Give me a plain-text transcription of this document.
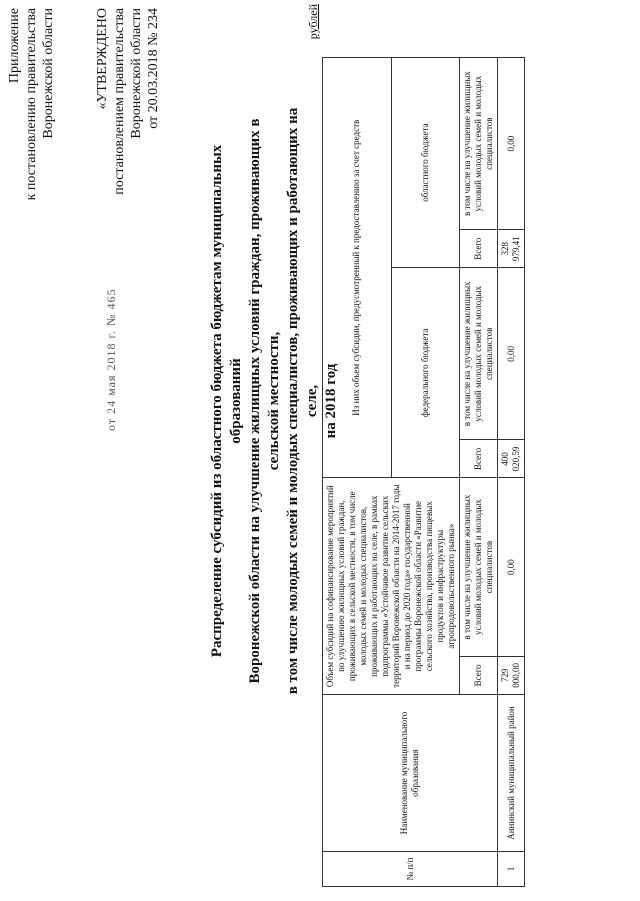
Приложение к постановлению правительства Воронежской области
от 24 мая 2018 г. № 465
«УТВЕРЖДЕНО постановлением правительства Воронежской области от 20.03.2018 № 234
Распределение субсидий из областного бюджета бюджетам муниципальных образований Воронежской области на улучшение жилищных условий граждан, проживающих в сельской местности, в том числе молодых семей и молодых специалистов, проживающих и работающих на селе, на 2018 год
рублей
№ п/п	Наименование муниципального образования	Объем субсидий на софинансирование мероприятий по улучшению жилищных условий граждан, проживающих в сельской местности, в том числе молодых семей и молодых специалистов, проживающих и работающих на селе, в рамках подпрограммы «Устойчивое развитие сельских территорий Воронежской области на 2014-2017 годы и на период до 2020 года» государственной программы Воронежской области «Развитие сельского хозяйства, производства пищевых продуктов и инфраструктуры агропродовольственного рынка»		Из них объем субсидии, предусмотренный к предоставлению за счет средств			
				федерального бюджета		областного бюджета	
		Всего	в том числе на улучшение жилищных условий молодых семей и молодых специалистов	Всего	в том числе на улучшение жилищных условий молодых семей и молодых специалистов	Всего	в том числе на улучшение жилищных условий молодых семей и молодых специалистов
1	Аннинский муниципальный район	729 000,00	0,00	400 020,59	0,00	328 979,41	0,00
